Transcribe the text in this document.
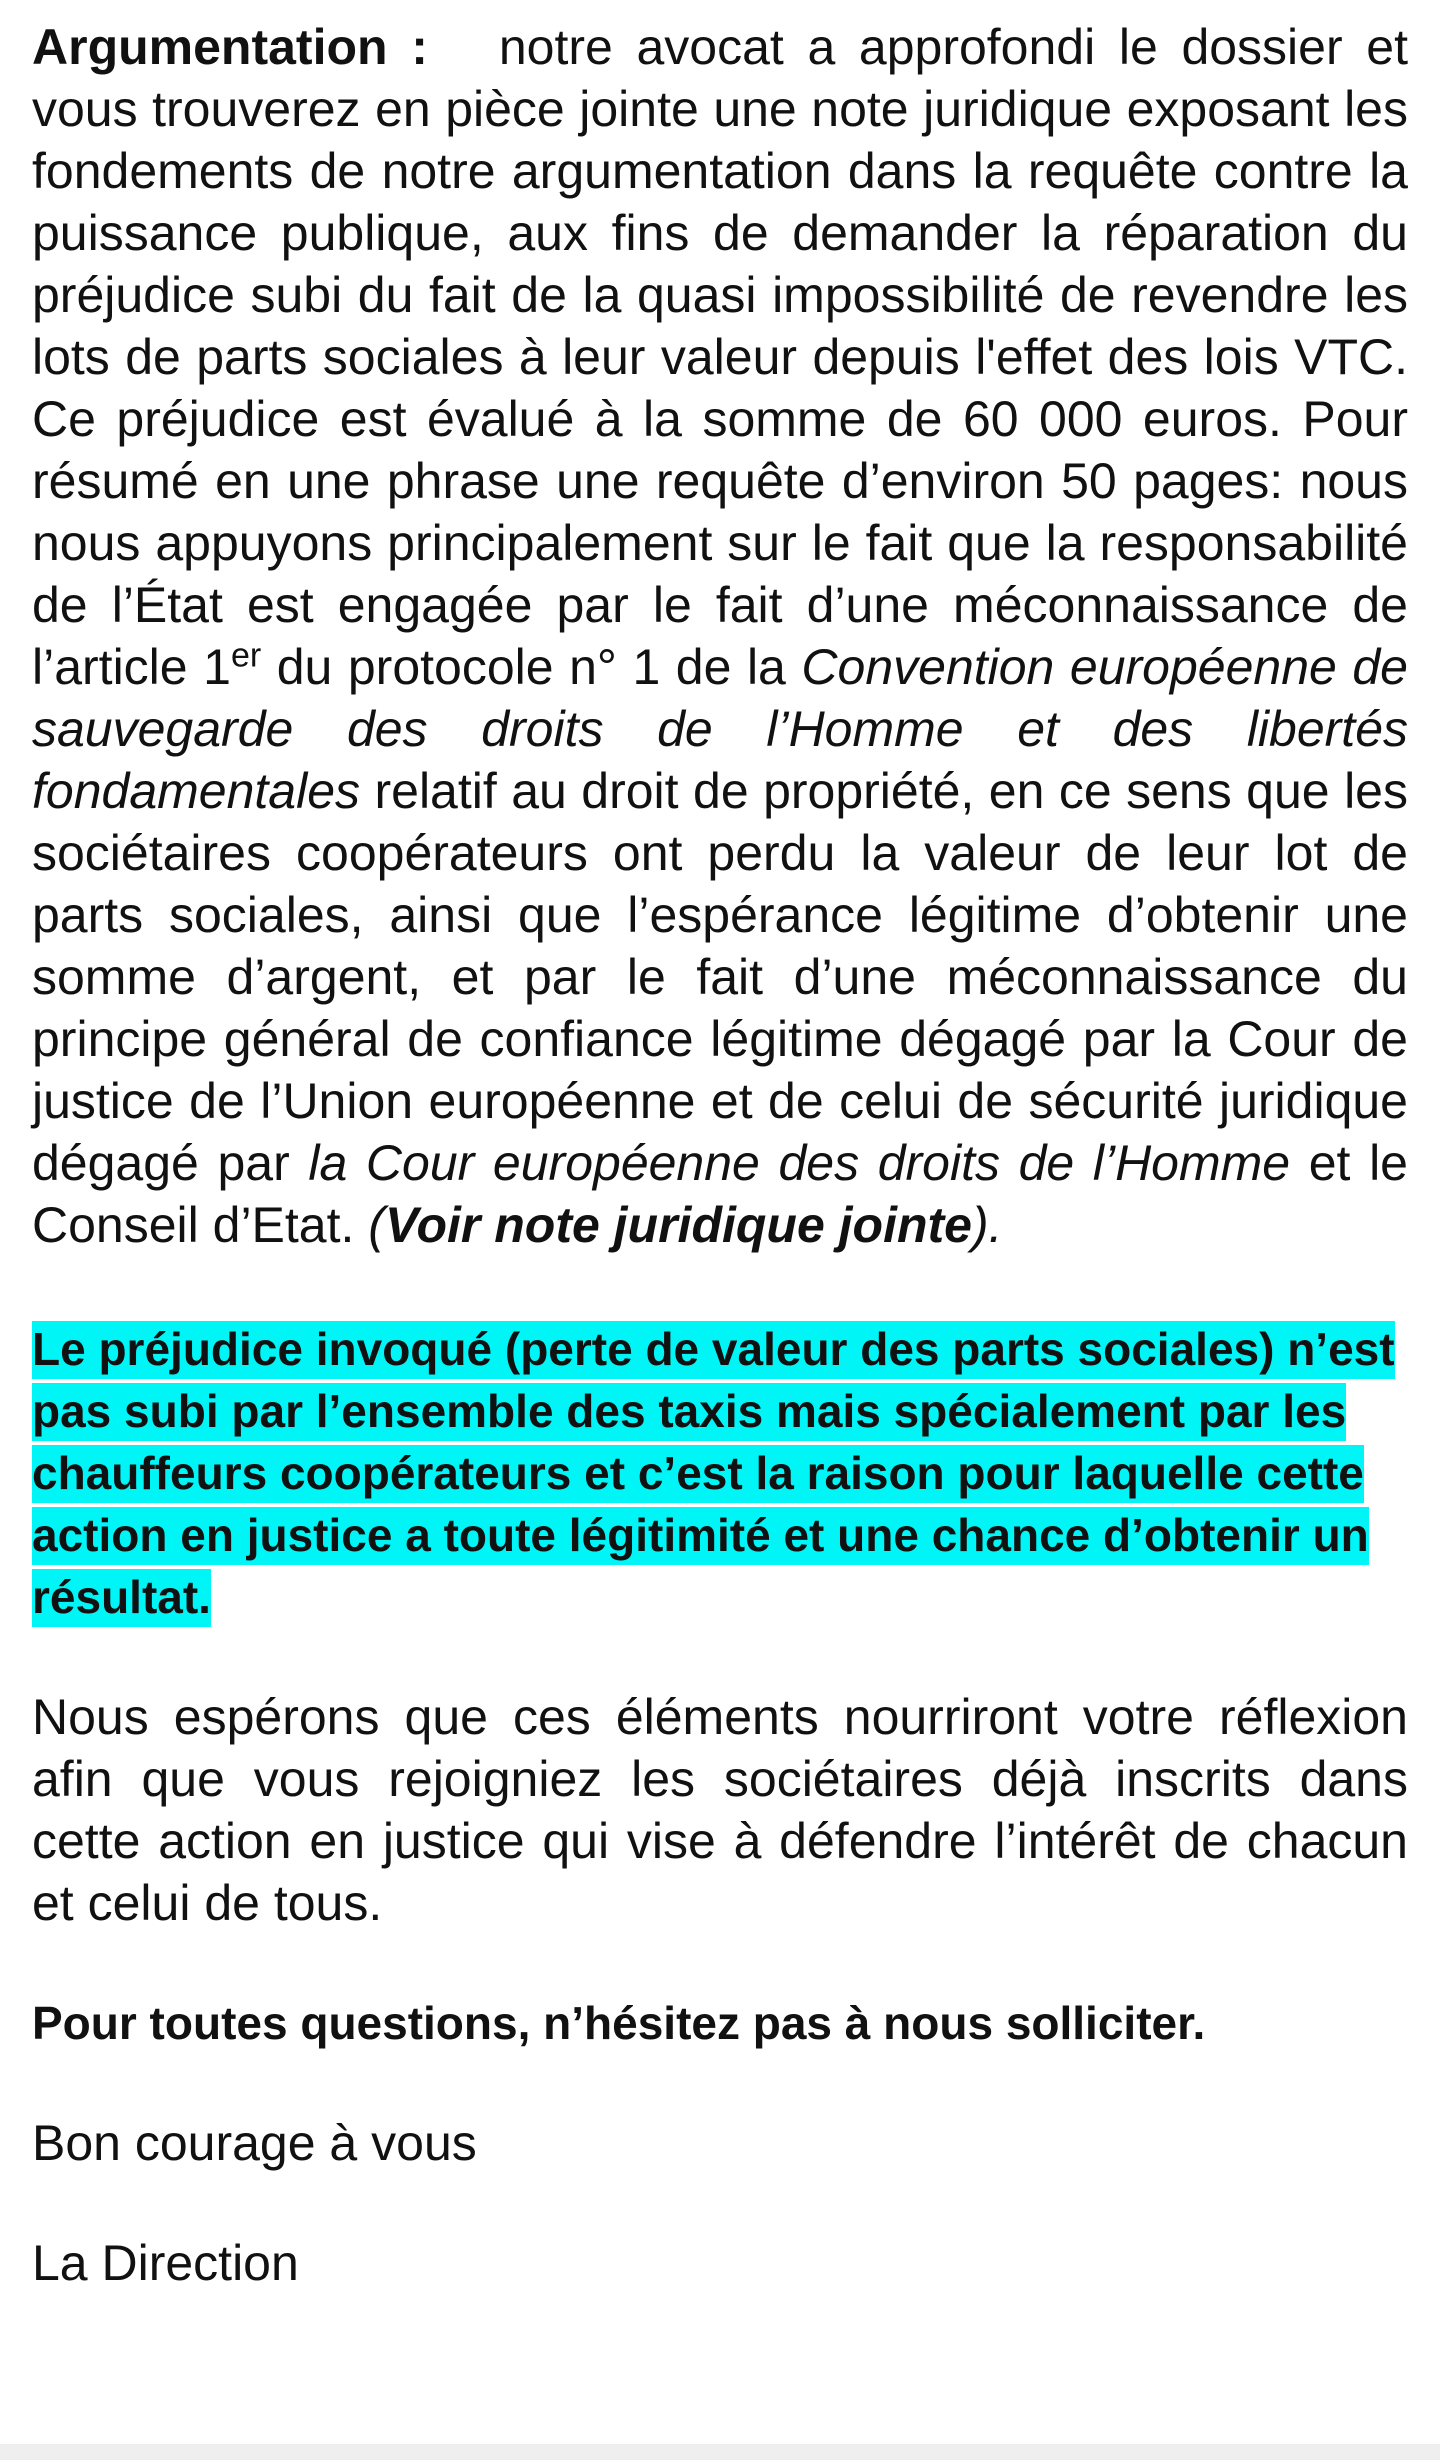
Argumentation : notre avocat a approfondi le dossier et vous trouverez en pièce jointe une note juridique exposant les fondements de notre argumentation dans la requête contre la puissance publique, aux fins de demander la réparation du préjudice subi du fait de la quasi impossibilité de revendre les lots de parts sociales à leur valeur depuis l'effet des lois VTC. Ce préjudice est évalué à la somme de 60 000 euros. Pour résumé en une phrase une requête d’environ 50 pages: nous nous appuyons principalement sur le fait que la responsabilité de l’État est engagée par le fait d’une méconnaissance de l’article 1er du protocole n° 1 de la Convention européenne de sauvegarde des droits de l’Homme et des libertés fondamentales relatif au droit de propriété, en ce sens que les sociétaires coopérateurs ont perdu la valeur de leur lot de parts sociales, ainsi que l’espérance légitime d’obtenir une somme d’argent, et par le fait d’une méconnaissance du principe général de confiance légitime dégagé par la Cour de justice de l’Union européenne et de celui de sécurité juridique dégagé par la Cour européenne des droits de l’Homme et le Conseil d’Etat. (Voir note juridique jointe).

Le préjudice invoqué (perte de valeur des parts sociales) n’est pas subi par l’ensemble des taxis mais spécialement par les chauffeurs coopérateurs et c’est la raison pour laquelle cette action en justice a toute légitimité et une chance d’obtenir un résultat.

Nous espérons que ces éléments nourriront votre réflexion afin que vous rejoigniez les sociétaires déjà inscrits dans cette action en justice qui vise à défendre l’intérêt de chacun et celui de tous.

Pour toutes questions, n’hésitez pas à nous solliciter.

Bon courage à vous

La Direction
